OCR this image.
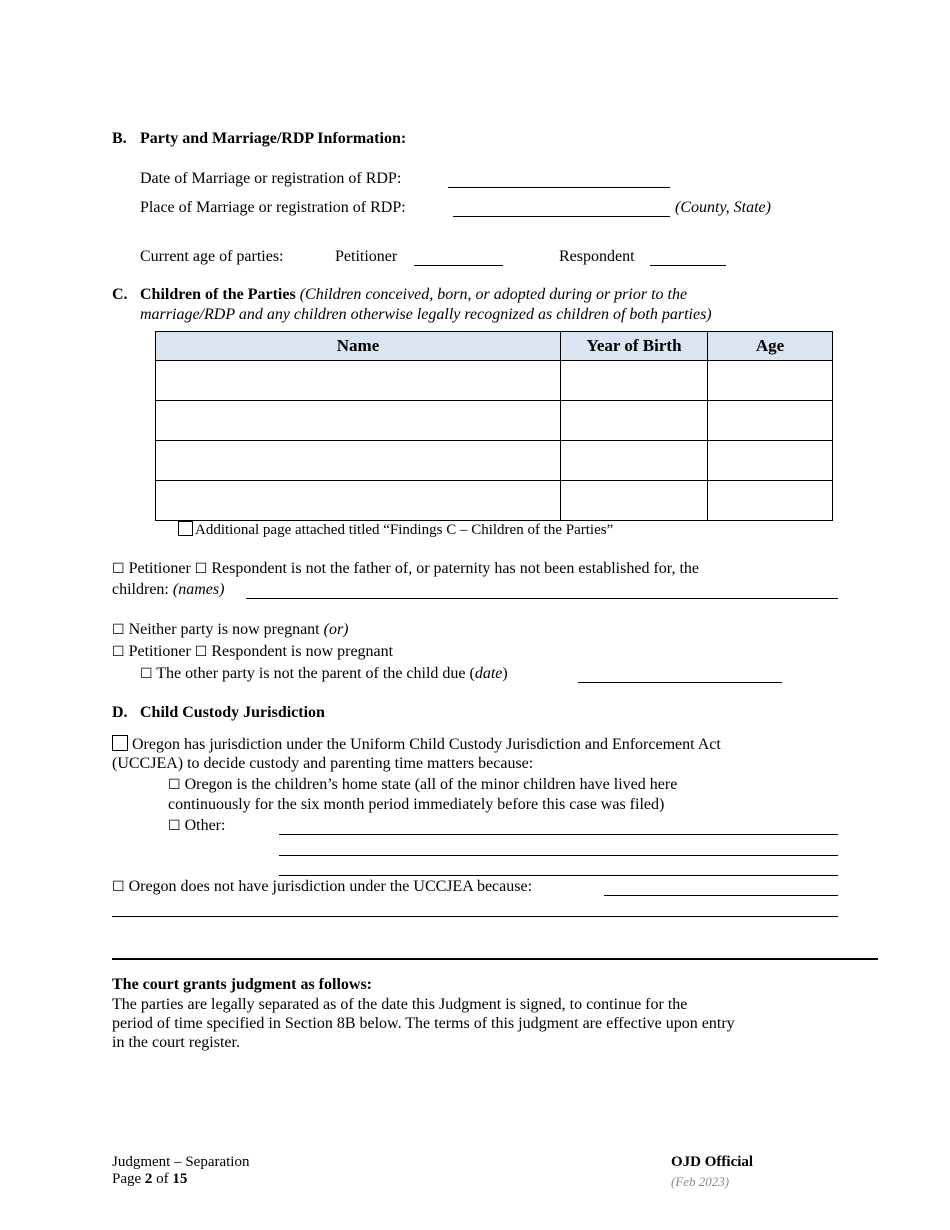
B. Party and Marriage/RDP Information:
Date of Marriage or registration of RDP:
Place of Marriage or registration of RDP:	(County, State)
Current age of parties:	Petitioner	Respondent
C. Children of the Parties (Children conceived, born, or adopted during or prior to the
marriage/RDP and any children otherwise legally recognized as children of both parties)
Name	Year of Birth	Age

Additional page attached titled “Findings C – Children of the Parties”
☐ Petitioner ☐ Respondent is not the father of, or paternity has not been established for, the
children: (names)
☐ Neither party is now pregnant (or)
☐ Petitioner ☐ Respondent is now pregnant
☐ The other party is not the parent of the child due (date)
D. Child Custody Jurisdiction
Oregon has jurisdiction under the Uniform Child Custody Jurisdiction and Enforcement Act
(UCCJEA) to decide custody and parenting time matters because:
☐ Oregon is the children’s home state (all of the minor children have lived here
continuously for the six month period immediately before this case was filed)
☐ Other:
☐ Oregon does not have jurisdiction under the UCCJEA because:
The court grants judgment as follows:
The parties are legally separated as of the date this Judgment is signed, to continue for the
period of time specified in Section 8B below. The terms of this judgment are effective upon entry
in the court register.
Judgment – Separation
Page 2 of 15
OJD Official
(Feb 2023)
